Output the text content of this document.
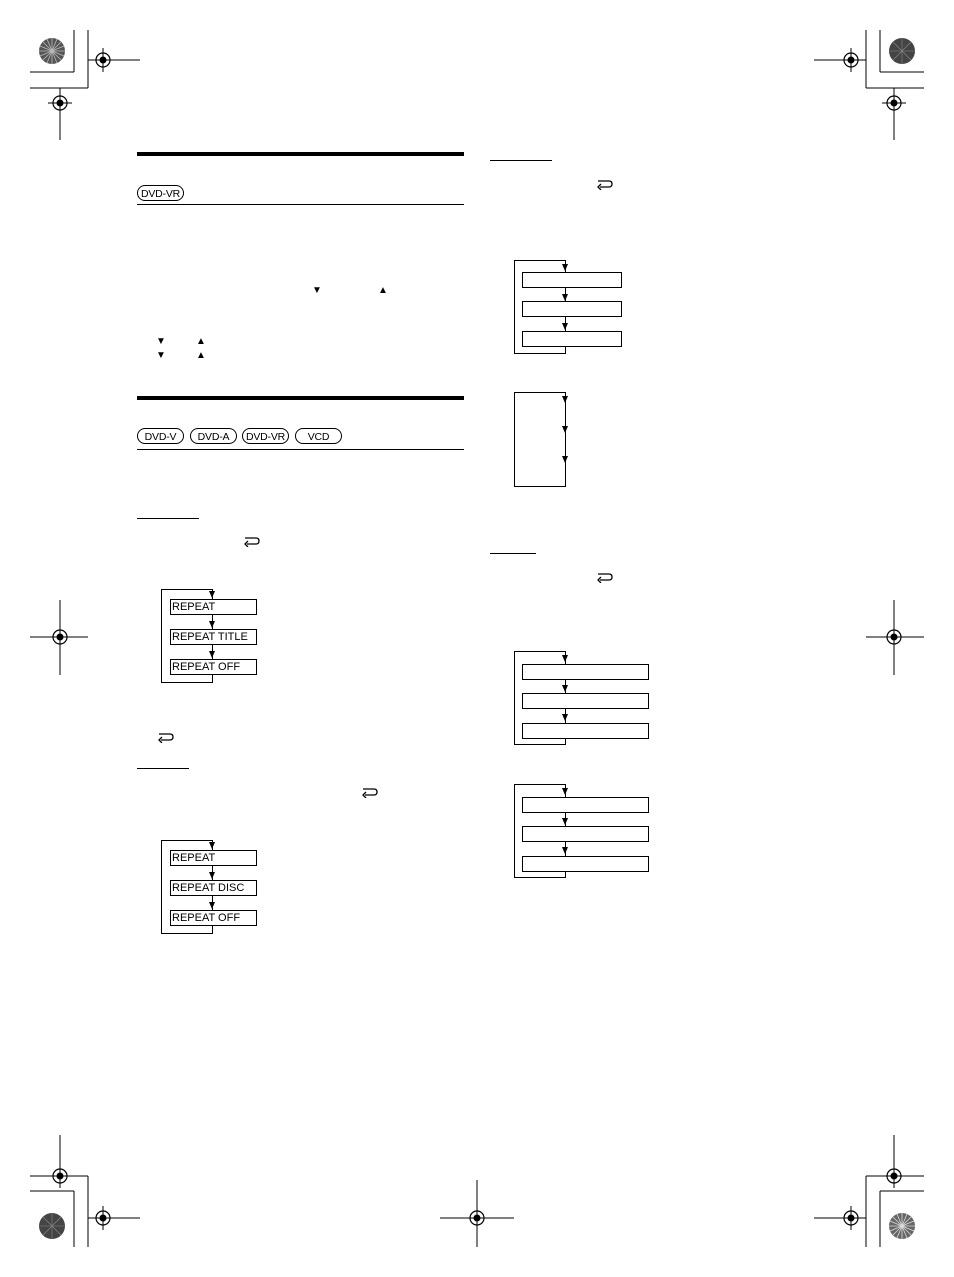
DVD-VR
▼	▲
▼	▲
▼	▲
DVD-V	DVD-A	DVD-VR	VCD
REPEAT
REPEAT TITLE
REPEAT OFF
REPEAT
REPEAT DISC
REPEAT OFF
